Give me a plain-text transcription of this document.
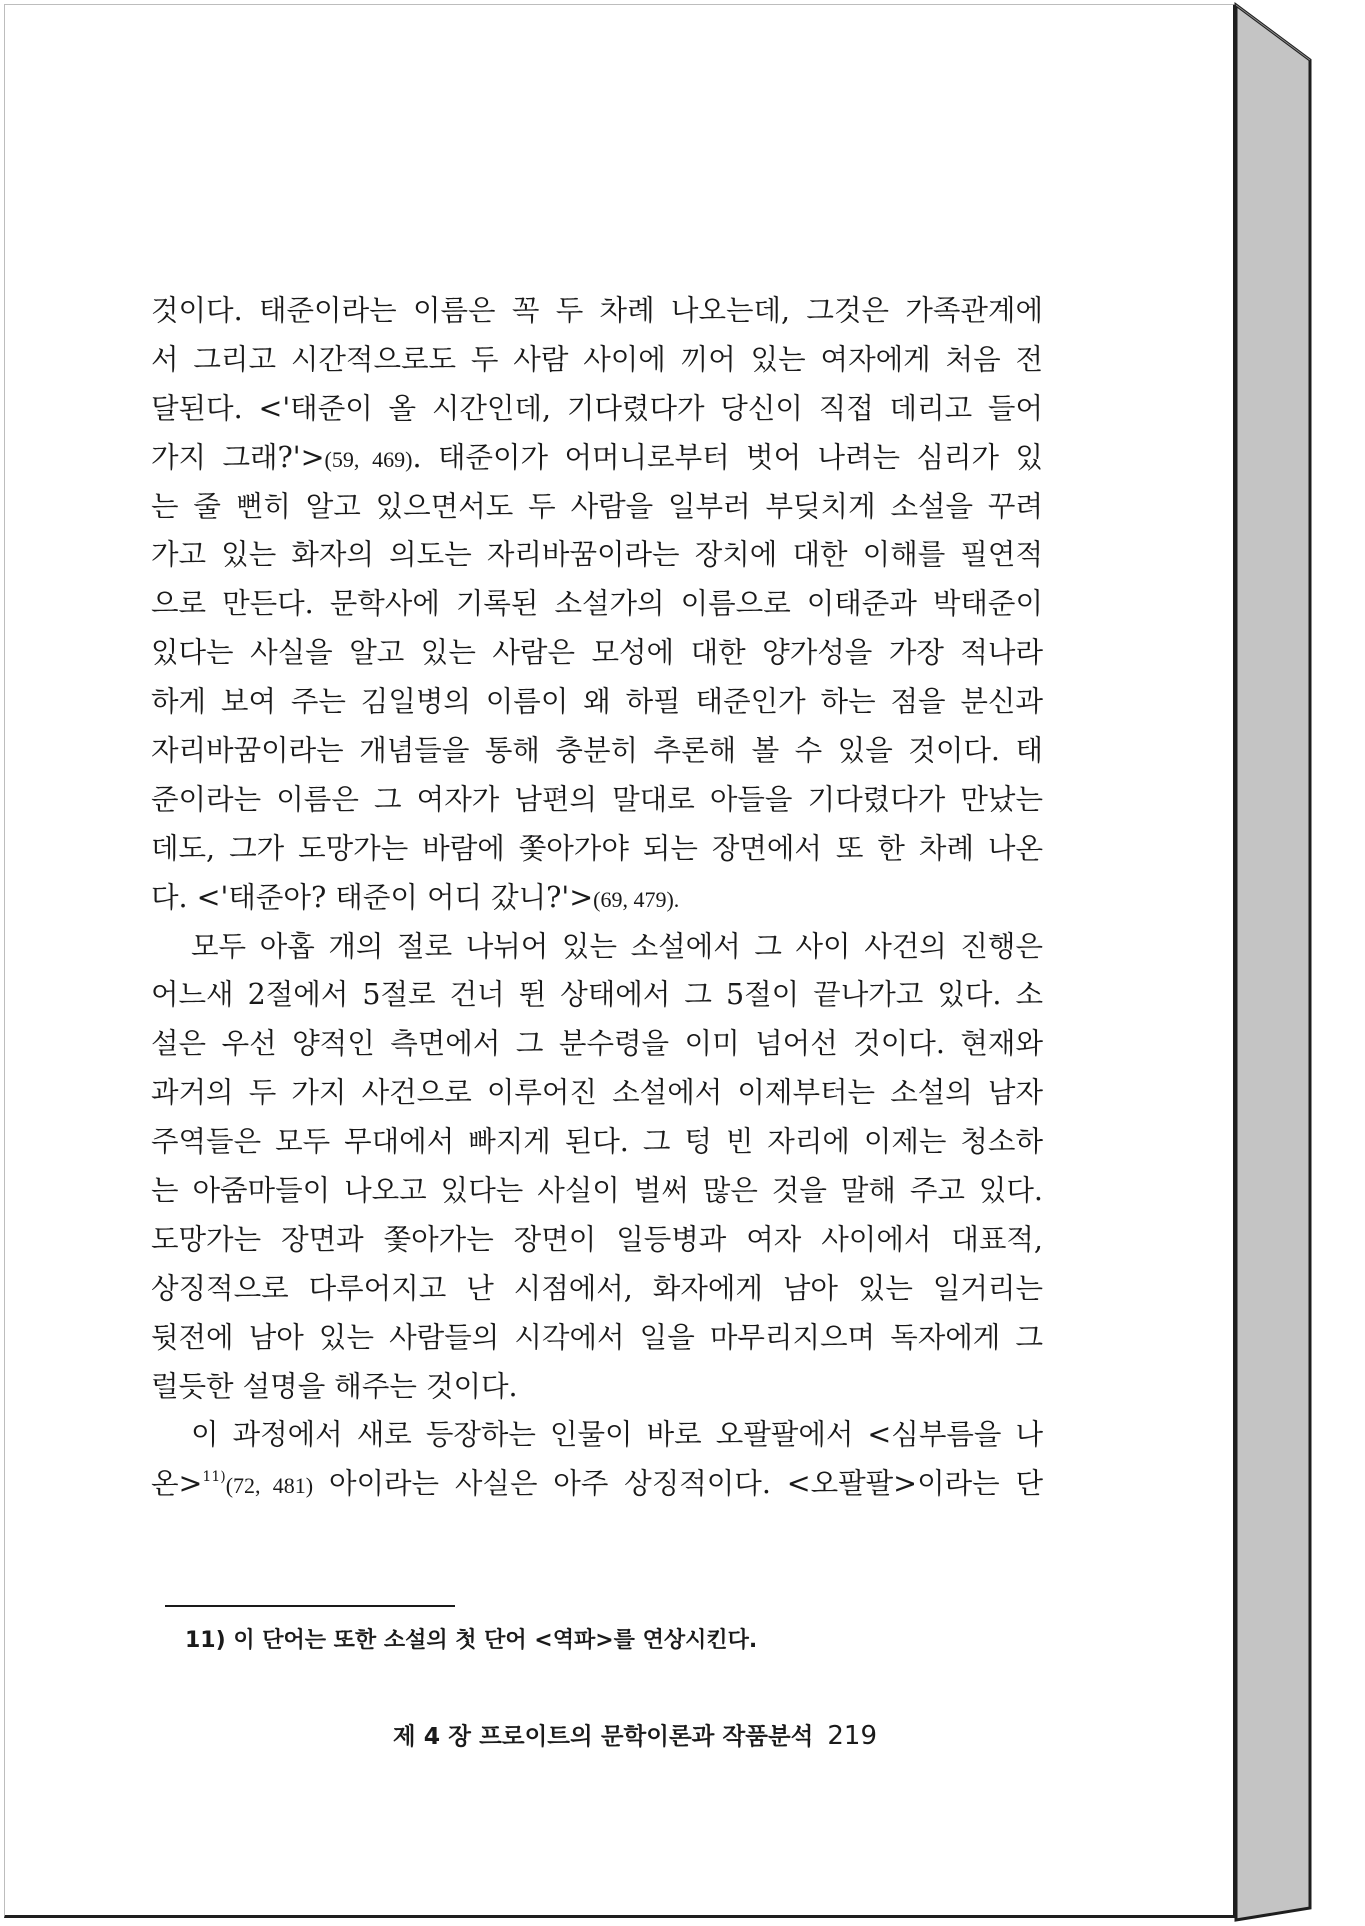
것이다. 태준이라는 이름은 꼭 두 차례 나오는데, 그것은 가족관계에
서 그리고 시간적으로도 두 사람 사이에 끼어 있는 여자에게 처음 전
달된다. <'태준이 올 시간인데, 기다렸다가 당신이 직접 데리고 들어
가지 그래?'>(59, 469). 태준이가 어머니로부터 벗어 나려는 심리가 있
는 줄 뻔히 알고 있으면서도 두 사람을 일부러 부딪치게 소설을 꾸려
가고 있는 화자의 의도는 자리바꿈이라는 장치에 대한 이해를 필연적
으로 만든다. 문학사에 기록된 소설가의 이름으로 이태준과 박태준이
있다는 사실을 알고 있는 사람은 모성에 대한 양가성을 가장 적나라
하게 보여 주는 김일병의 이름이 왜 하필 태준인가 하는 점을 분신과
자리바꿈이라는 개념들을 통해 충분히 추론해 볼 수 있을 것이다. 태
준이라는 이름은 그 여자가 남편의 말대로 아들을 기다렸다가 만났는
데도, 그가 도망가는 바람에 쫓아가야 되는 장면에서 또 한 차례 나온
다. <'태준아? 태준이 어디 갔니?'>(69, 479).
모두 아홉 개의 절로 나뉘어 있는 소설에서 그 사이 사건의 진행은
어느새 2절에서 5절로 건너 뛴 상태에서 그 5절이 끝나가고 있다. 소
설은 우선 양적인 측면에서 그 분수령을 이미 넘어선 것이다. 현재와
과거의 두 가지 사건으로 이루어진 소설에서 이제부터는 소설의 남자
주역들은 모두 무대에서 빠지게 된다. 그 텅 빈 자리에 이제는 청소하
는 아줌마들이 나오고 있다는 사실이 벌써 많은 것을 말해 주고 있다.
도망가는 장면과 쫓아가는 장면이 일등병과 여자 사이에서 대표적,
상징적으로 다루어지고 난 시점에서, 화자에게 남아 있는 일거리는
뒷전에 남아 있는 사람들의 시각에서 일을 마무리지으며 독자에게 그
럴듯한 설명을 해주는 것이다.
이 과정에서 새로 등장하는 인물이 바로 오팔팔에서 <심부름을 나
온>$^{11)}$(72, 481) 아이라는 사실은 아주 상징적이다. <오팔팔>이라는 단
11) 이 단어는 또한 소설의 첫 단어 <역파>를 연상시킨다.
제 4 장 프로이트의 문학이론과 작품분석 219
